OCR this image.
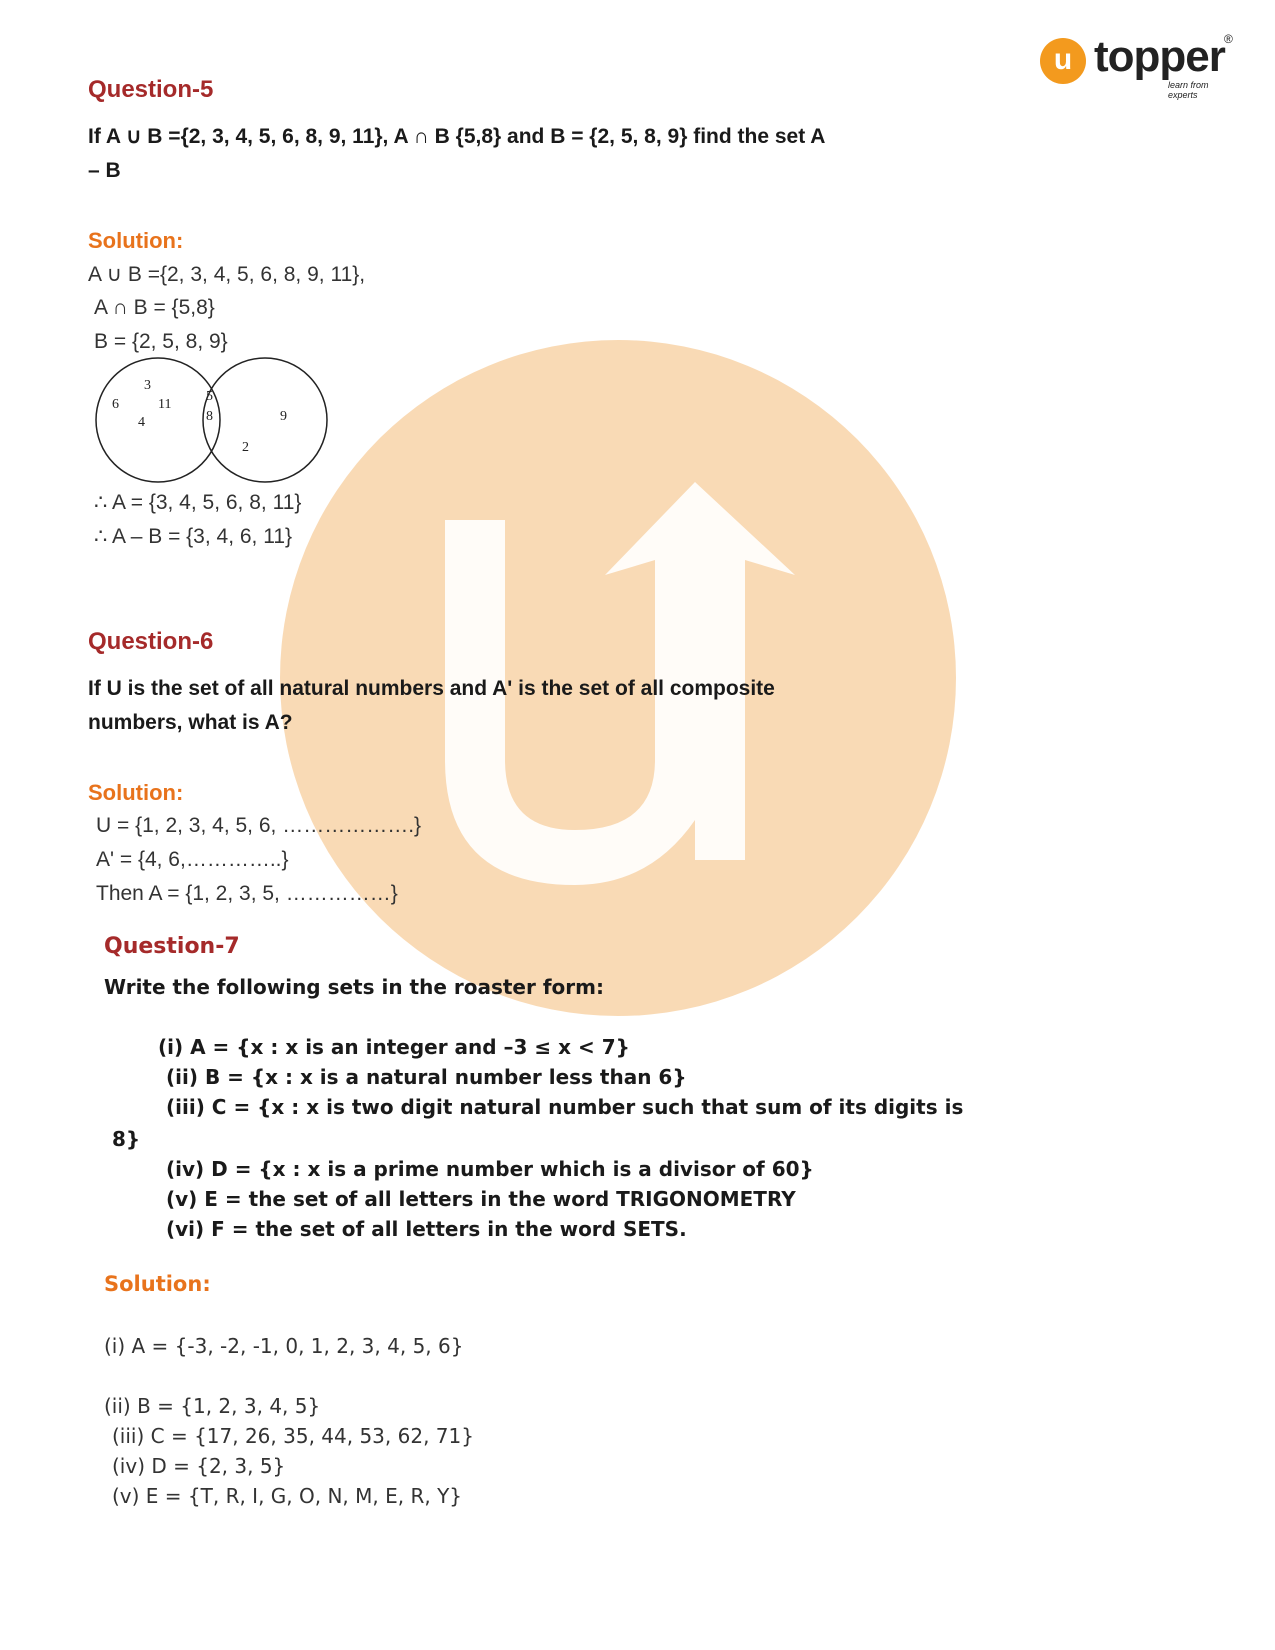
u topper ®
learn from experts
Question-5
If A ∪ B ={2, 3, 4, 5, 6, 8, 9, 11}, A ∩ B {5,8} and B = {2, 5, 8, 9} find the set A
– B
Solution:
A ∪ B ={2, 3, 4, 5, 6, 8, 9, 11},
A ∩ B = {5,8}
B = {2, 5, 8, 9}
3
6	11
4
5
8	9
2
∴ A = {3, 4, 5, 6, 8, 11}
∴ A – B = {3, 4, 6, 11}
Question-6
If U is the set of all natural numbers and A' is the set of all composite
numbers, what is A?
Solution:
U = {1, 2, 3, 4, 5, 6, ……………….}
A' = {4, 6,…………..}
Then A = {1, 2, 3, 5, ……………}
Question-7
Write the following sets in the roaster form:
(i) A = {x : x is an integer and –3 ≤ x < 7}
(ii) B = {x : x is a natural number less than 6}
(iii) C = {x : x is two digit natural number such that sum of its digits is
8}
(iv) D = {x : x is a prime number which is a divisor of 60}
(v) E = the set of all letters in the word TRIGONOMETRY
(vi) F = the set of all letters in the word SETS.
Solution:
(i) A = {-3, -2, -1, 0, 1, 2, 3, 4, 5, 6}
(ii) B = {1, 2, 3, 4, 5}
(iii) C = {17, 26, 35, 44, 53, 62, 71}
(iv) D = {2, 3, 5}
(v) E = {T, R, I, G, O, N, M, E, R, Y}
